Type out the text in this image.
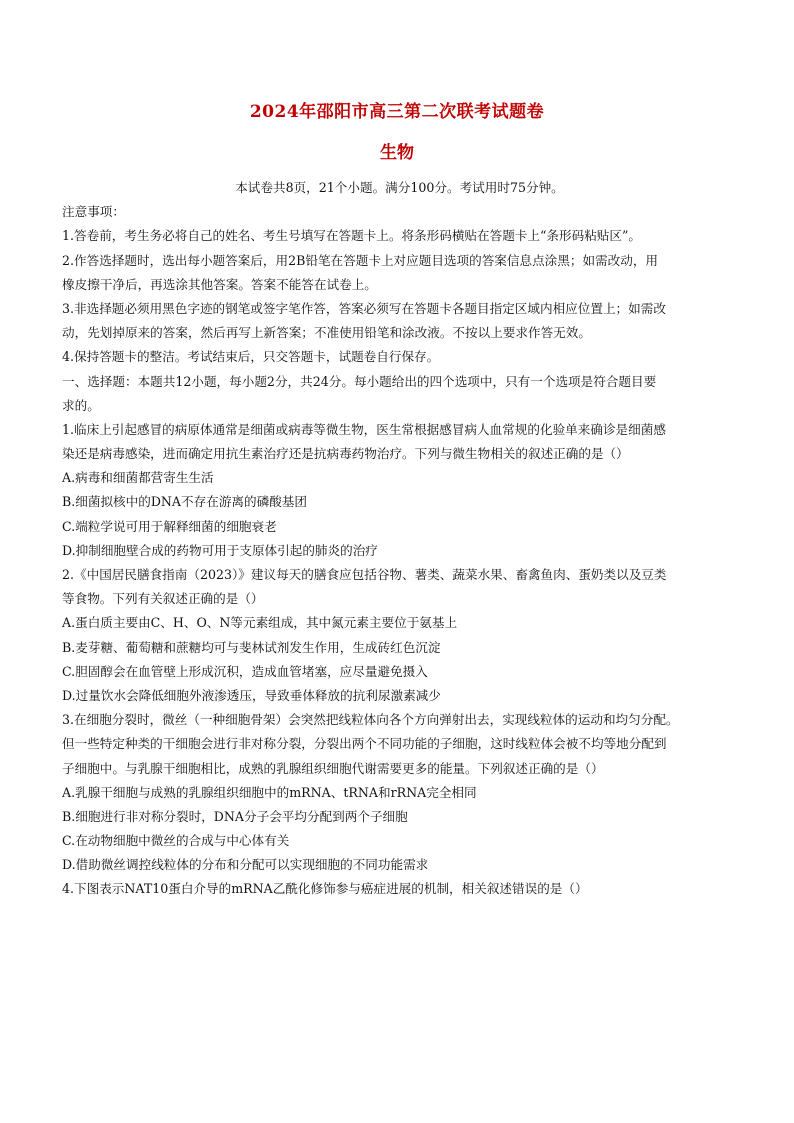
2024年邵阳市高三第二次联考试题卷
生物
本试卷共8页，21个小题。满分100分。考试用时75分钟。
注意事项：
1.答卷前，考生务必将自己的姓名、考生号填写在答题卡上。将条形码横贴在答题卡上“条形码粘贴区”。
2.作答选择题时，选出每小题答案后，用2B铅笔在答题卡上对应题目选项的答案信息点涂黑；如需改动，用
橡皮擦干净后，再选涂其他答案。答案不能答在试卷上。
3.非选择题必须用黑色字迹的钢笔或签字笔作答，答案必须写在答题卡各题目指定区域内相应位置上；如需改
动，先划掉原来的答案，然后再写上新答案；不准使用铅笔和涂改液。不按以上要求作答无效。
4.保持答题卡的整洁。考试结束后，只交答题卡，试题卷自行保存。
一、选择题：本题共12小题，每小题2分，共24分。每小题给出的四个选项中，只有一个选项是符合题目要
求的。
1.临床上引起感冒的病原体通常是细菌或病毒等微生物，医生常根据感冒病人血常规的化验单来确诊是细菌感
染还是病毒感染，进而确定用抗生素治疗还是抗病毒药物治疗。下列与微生物相关的叙述正确的是（）
A.病毒和细菌都营寄生生活
B.细菌拟核中的DNA不存在游离的磷酸基团
C.端粒学说可用于解释细菌的细胞衰老
D.抑制细胞壁合成的药物可用于支原体引起的肺炎的治疗
2.《中国居民膳食指南（2023）》建议每天的膳食应包括谷物、薯类、蔬菜水果、畜禽鱼肉、蛋奶类以及豆类
等食物。下列有关叙述正确的是（）
A.蛋白质主要由C、H、O、N等元素组成，其中氮元素主要位于氨基上
B.麦芽糖、葡萄糖和蔗糖均可与斐林试剂发生作用，生成砖红色沉淀
C.胆固醇会在血管壁上形成沉积，造成血管堵塞，应尽量避免摄入
D.过量饮水会降低细胞外液渗透压，导致垂体释放的抗利尿激素减少
3.在细胞分裂时，微丝（一种细胞骨架）会突然把线粒体向各个方向弹射出去，实现线粒体的运动和均匀分配。
但一些特定种类的干细胞会进行非对称分裂，分裂出两个不同功能的子细胞，这时线粒体会被不均等地分配到
子细胞中。与乳腺干细胞相比，成熟的乳腺组织细胞代谢需要更多的能量。下列叙述正确的是（）
A.乳腺干细胞与成熟的乳腺组织细胞中的mRNA、tRNA和rRNA完全相同
B.细胞进行非对称分裂时，DNA分子会平均分配到两个子细胞
C.在动物细胞中微丝的合成与中心体有关
D.借助微丝调控线粒体的分布和分配可以实现细胞的不同功能需求
4.下图表示NAT10蛋白介导的mRNA乙酰化修饰参与癌症进展的机制，相关叙述错误的是（）
